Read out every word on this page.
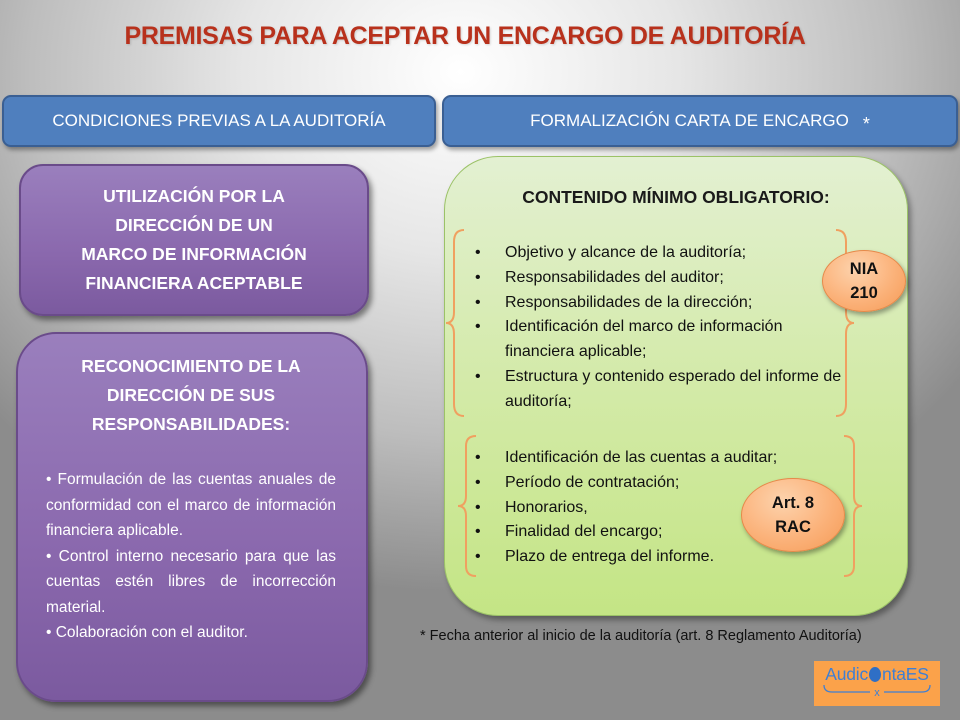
PREMISAS PARA ACEPTAR UN ENCARGO DE AUDITORÍA
CONDICIONES PREVIAS A LA AUDITORÍA	FORMALIZACIÓN CARTA DE ENCARGO *
UTILIZACIÓN POR LA
DIRECCIÓN DE UN
MARCO DE INFORMACIÓN
FINANCIERA ACEPTABLE
RECONOCIMIENTO DE LA
DIRECCIÓN DE SUS
RESPONSABILIDADES:

• Formulación de las cuentas anuales de conformidad con el marco de información financiera aplicable.

• Control interno necesario para que las cuentas estén libres de incorrección material.

• Colaboración con el auditor.

CONTENIDO MÍNIMO OBLIGATORIO:
• Objetivo y alcance de la auditoría;
• Responsabilidades del auditor;
• Responsabilidades de la dirección;
• Identificación del marco de información financiera aplicable;
• Estructura y contenido esperado del informe de auditoría;
• Identificación de las cuentas a auditar;
• Período de contratación;
• Honorarios,
• Finalidad del encargo;
• Plazo de entrega del informe.
NIA
210
Art. 8
RAC
* Fecha anterior al inicio de la auditoría (art. 8 Reglamento Auditoría)
Audic ntaES
x
